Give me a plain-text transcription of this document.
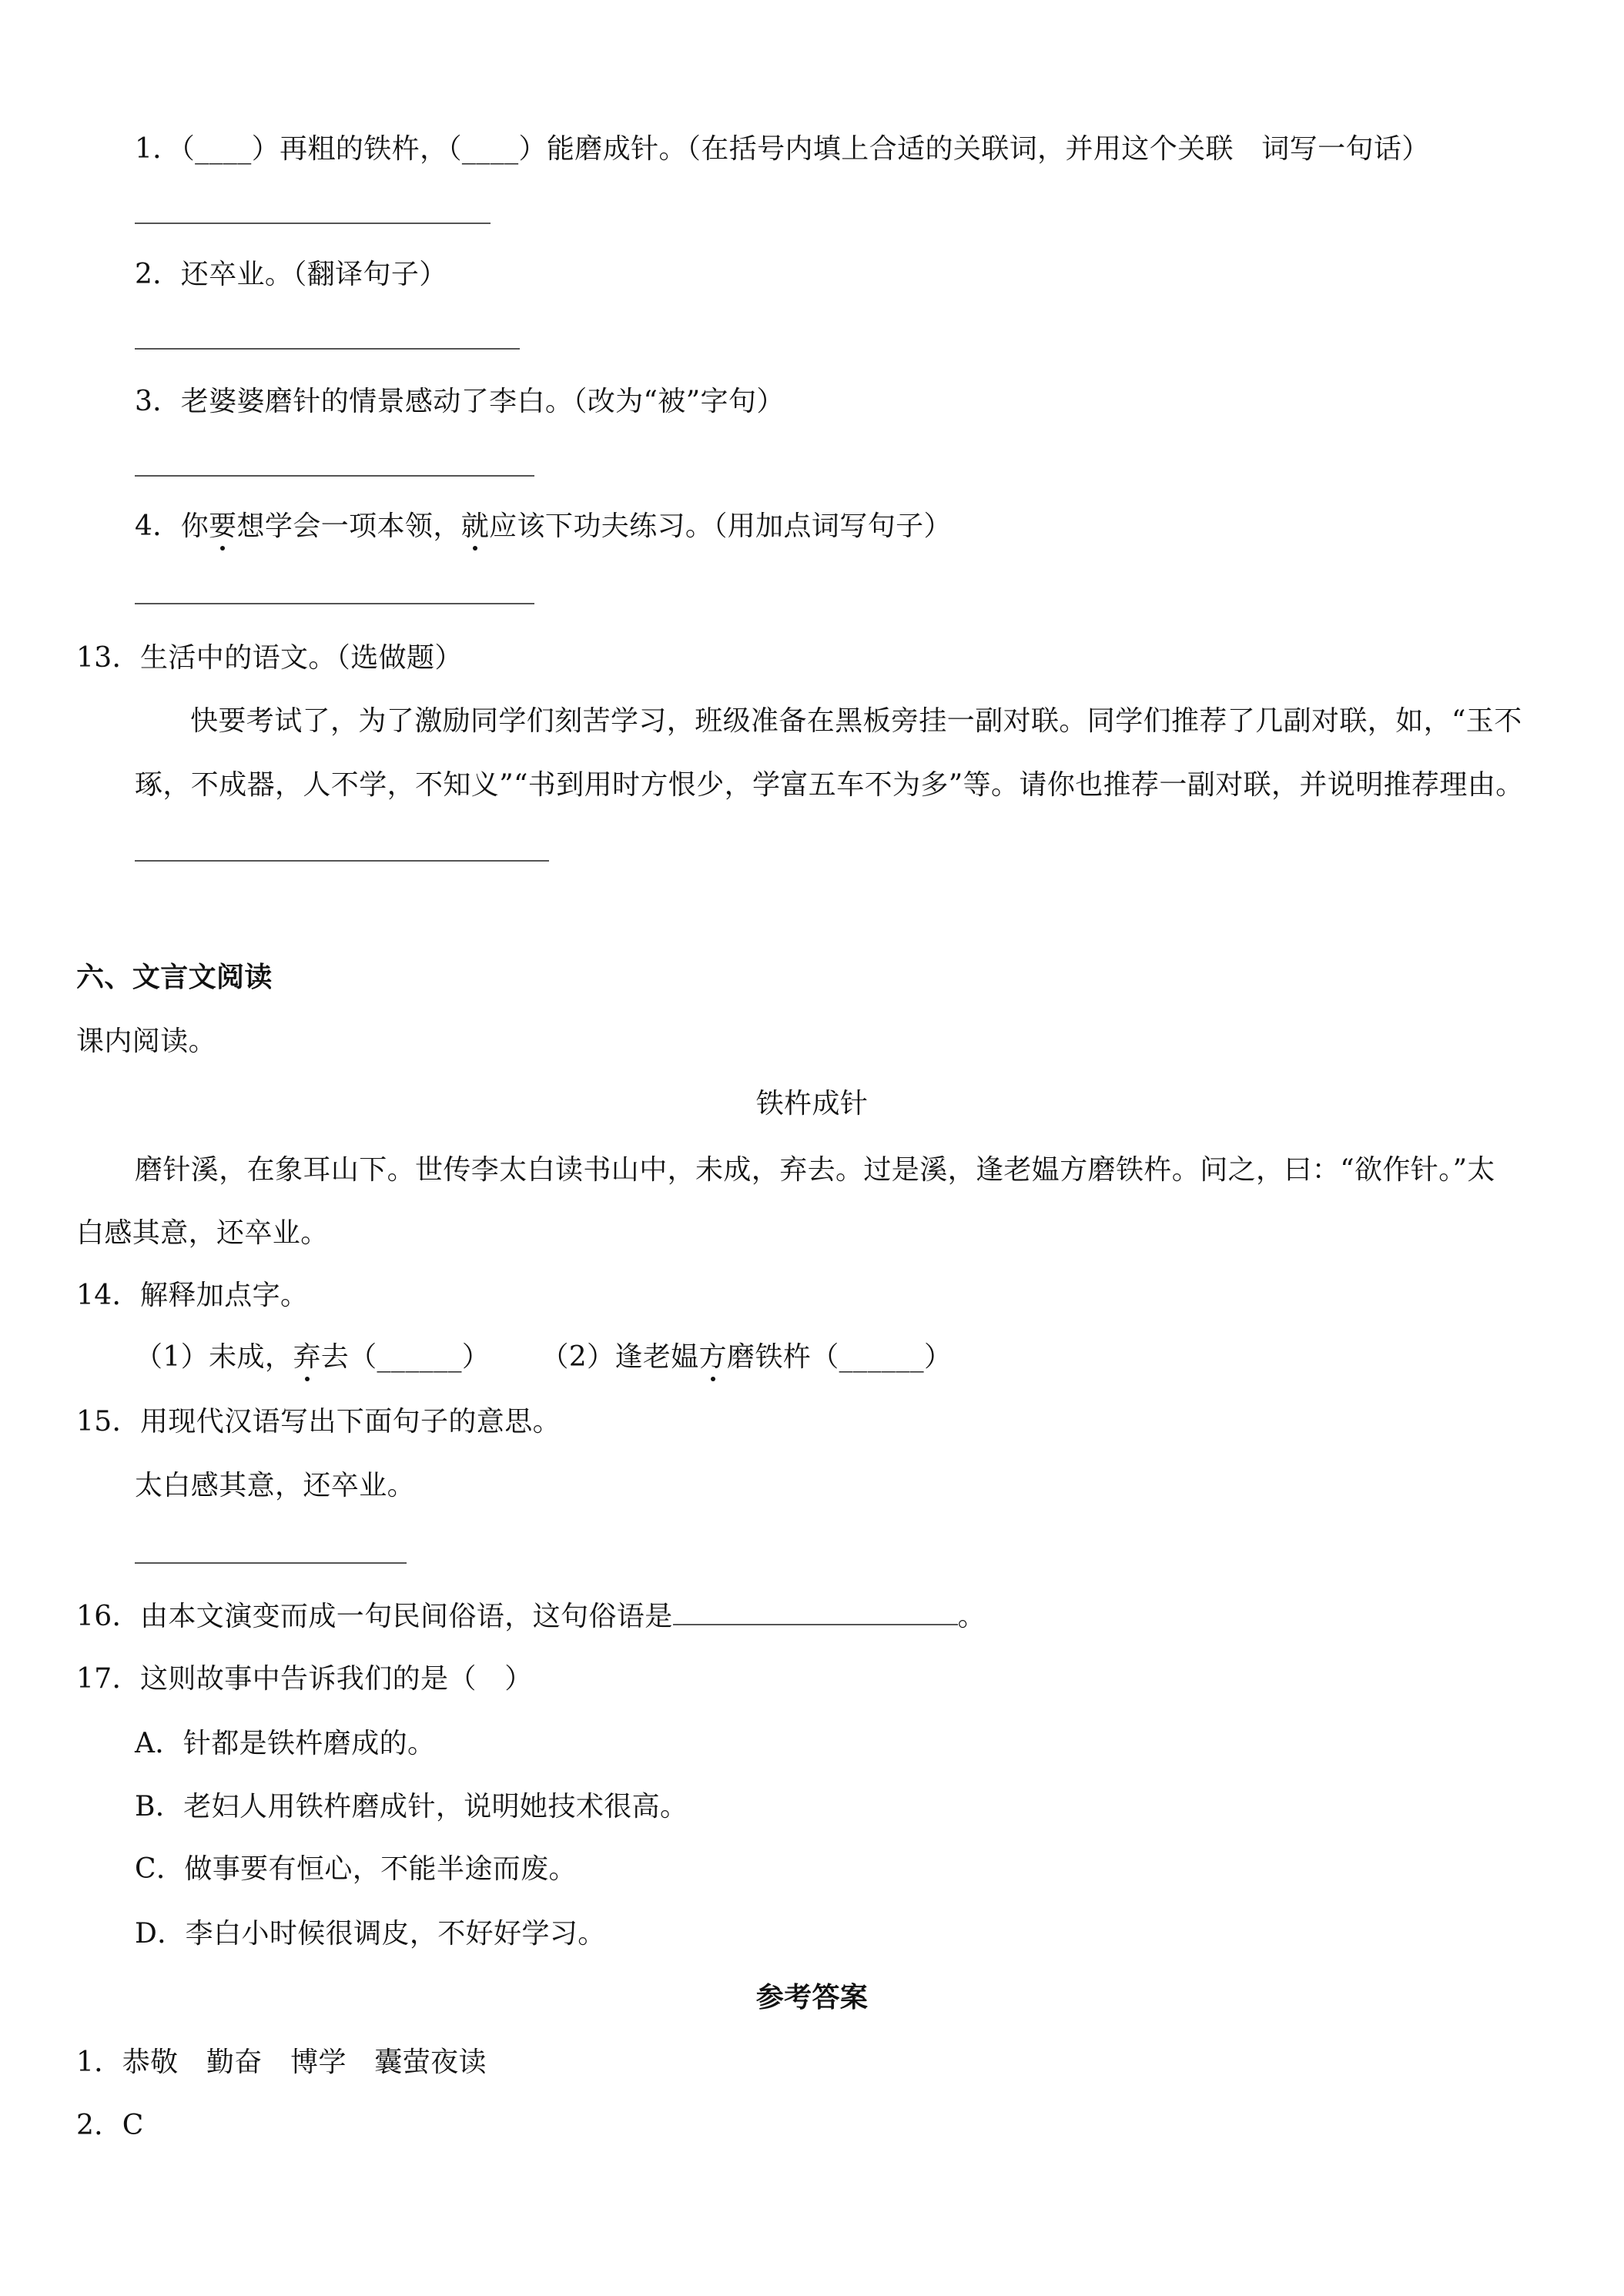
1．（____）再粗的铁杵，（____）能磨成针。（在括号内填上合适的关联词，并用这个关联　词写一句话）
2．还卒业。（翻译句子）
3．老婆婆磨针的情景感动了李白。（改为“被”字句）
4．你要想学会一项本领，就应该下功夫练习。（用加点词写句子）
13．生活中的语文。（选做题）
快要考试了，为了激励同学们刻苦学习，班级准备在黑板旁挂一副对联。同学们推荐了几副对联，如，“玉不
琢，不成器，人不学，不知义”“书到用时方恨少，学富五车不为多”等。请你也推荐一副对联，并说明推荐理由。
六、文言文阅读
课内阅读。
铁杵成针
磨针溪，在象耳山下。世传李太白读书山中，未成，弃去。过是溪，逢老媪方磨铁杵。问之，曰：“欲作针。”太
白感其意，还卒业。
14．解释加点字。
（1）未成，弃去（______） （2）逢老媪方磨铁杵（______）
15．用现代汉语写出下面句子的意思。
太白感其意，还卒业。
16．由本文演变而成一句民间俗语，这句俗语是	。
17．这则故事中告诉我们的是（　）
A．针都是铁杵磨成的。
B．老妇人用铁杵磨成针，说明她技术很高。
C．做事要有恒心，不能半途而废。
D．李白小时候很调皮，不好好学习。
参考答案
1．恭敬　勤奋　博学　囊萤夜读
2．C
